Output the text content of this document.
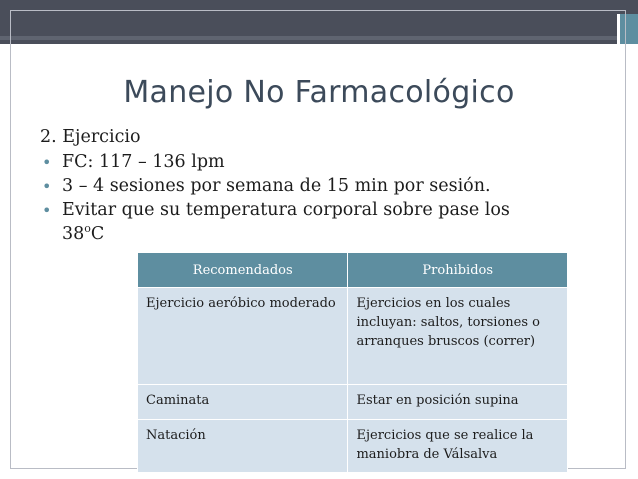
Manejo No Farmacológico
2. Ejercicio
• FC: 117 – 136 lpm
• 3 – 4 sesiones por semana de 15 min por sesión.
• Evitar que su temperatura corporal sobre pase los
38$^o$C
Recomendados	Prohibidos
Ejercicio aeróbico moderado	Ejercicios en los cuales incluyan: saltos, torsiones o arranques bruscos (correr)
Caminata	Estar en posición supina
Natación	Ejercicios que se realice la maniobra de Válsalva
